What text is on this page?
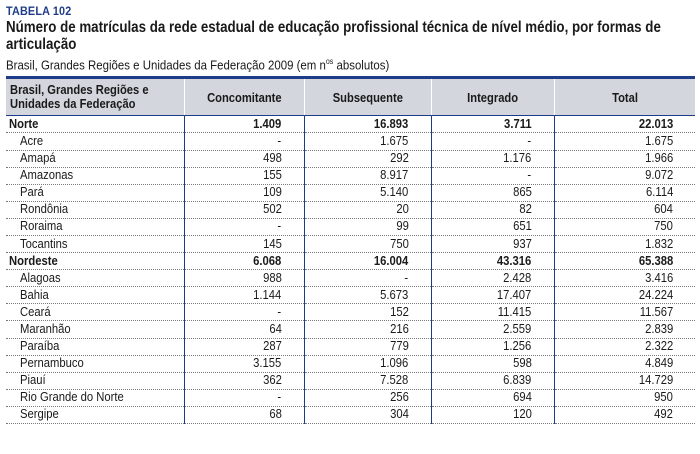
TABELA 102
Número de matrículas da rede estadual de educação profissional técnica de nível médio, por formas de articulação
Brasil, Grandes Regiões e Unidades da Federação 2009 (em $n^{os}$ absolutos)
Brasil, Grandes Regiões e Unidades da Federação	Concomitante	Subsequente	Integrado	Total
Norte	1.409	16.893	3.711	22.013
Acre	-	1.675	-	1.675
Amapá	498	292	1.176	1.966
Amazonas	155	8.917	-	9.072
Pará	109	5.140	865	6.114
Rondônia	502	20	82	604
Roraima	-	99	651	750
Tocantins	145	750	937	1.832
Nordeste	6.068	16.004	43.316	65.388
Alagoas	988	-	2.428	3.416
Bahia	1.144	5.673	17.407	24.224
Ceará	-	152	11.415	11.567
Maranhão	64	216	2.559	2.839
Paraíba	287	779	1.256	2.322
Pernambuco	3.155	1.096	598	4.849
Piauí	362	7.528	6.839	14.729
Rio Grande do Norte	-	256	694	950
Sergipe	68	304	120	492
